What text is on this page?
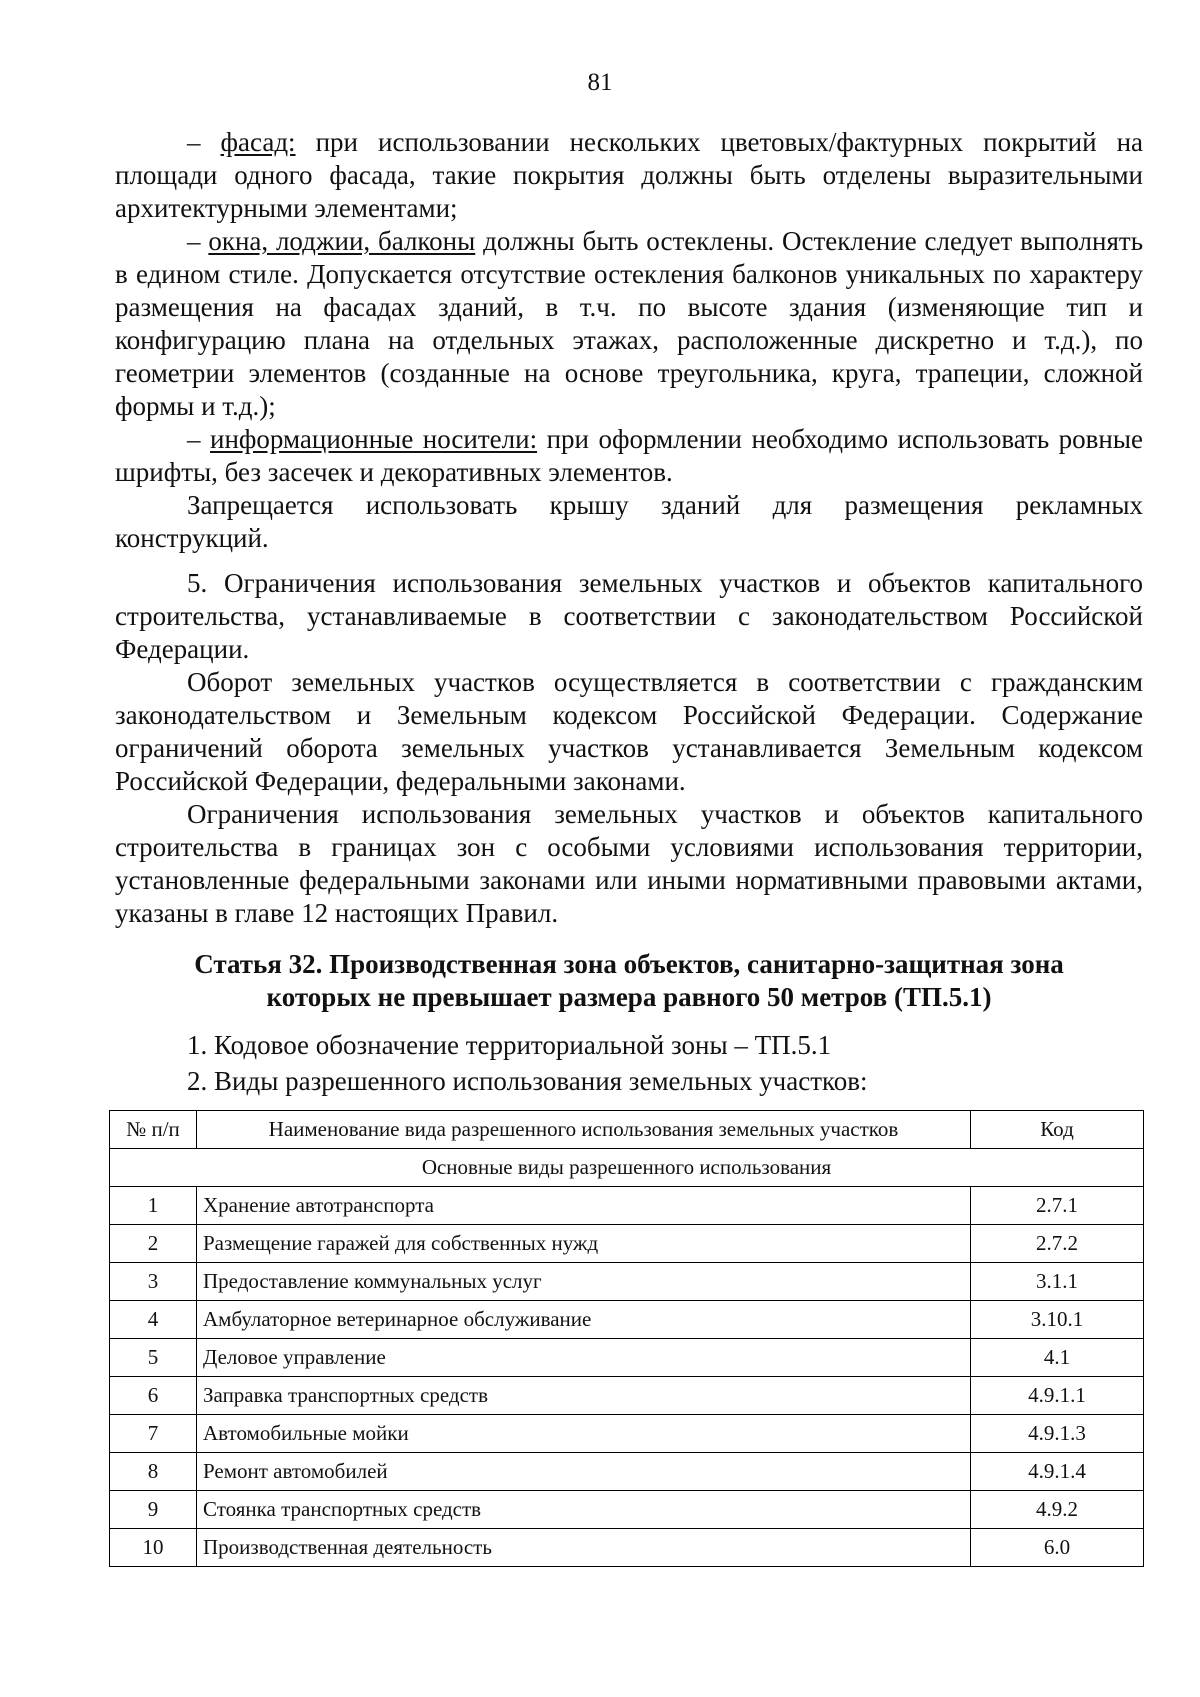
81

– фасад: при использовании нескольких цветовых/фактурных покрытий на площади одного фасада, такие покрытия должны быть отделены выразительными архитектурными элементами;

– окна, лоджии, балконы должны быть остеклены. Остекление следует выполнять в едином стиле. Допускается отсутствие остекления балконов уникальных по характеру размещения на фасадах зданий, в т.ч. по высоте здания (изменяющие тип и конфигурацию плана на отдельных этажах, расположенные дискретно и т.д.), по геометрии элементов (созданные на основе треугольника, круга, трапеции, сложной формы и т.д.);

– информационные носители: при оформлении необходимо использовать ровные шрифты, без засечек и декоративных элементов.

Запрещается использовать крышу зданий для размещения рекламных конструкций.

5. Ограничения использования земельных участков и объектов капитального строительства, устанавливаемые в соответствии с законодательством Российской Федерации.

Оборот земельных участков осуществляется в соответствии с гражданским законодательством и Земельным кодексом Российской Федерации. Содержание ограничений оборота земельных участков устанавливается Земельным кодексом Российской Федерации, федеральными законами.

Ограничения использования земельных участков и объектов капитального строительства в границах зон с особыми условиями использования территории, установленные федеральными законами или иными нормативными правовыми актами, указаны в главе 12 настоящих Правил.

Статья 32. Производственная зона объектов, санитарно-защитная зона
которых не превышает размера равного 50 метров (ТП.5.1)
1. Кодовое обозначение территориальной зоны – ТП.5.1
2. Виды разрешенного использования земельных участков:
№ п/п	Наименование вида разрешенного использования земельных участков	Код
Основные виды разрешенного использования		
1	Хранение автотранспорта	2.7.1
2	Размещение гаражей для собственных нужд	2.7.2
3	Предоставление коммунальных услуг	3.1.1
4	Амбулаторное ветеринарное обслуживание	3.10.1
5	Деловое управление	4.1
6	Заправка транспортных средств	4.9.1.1
7	Автомобильные мойки	4.9.1.3
8	Ремонт автомобилей	4.9.1.4
9	Стоянка транспортных средств	4.9.2
10	Производственная деятельность	6.0
